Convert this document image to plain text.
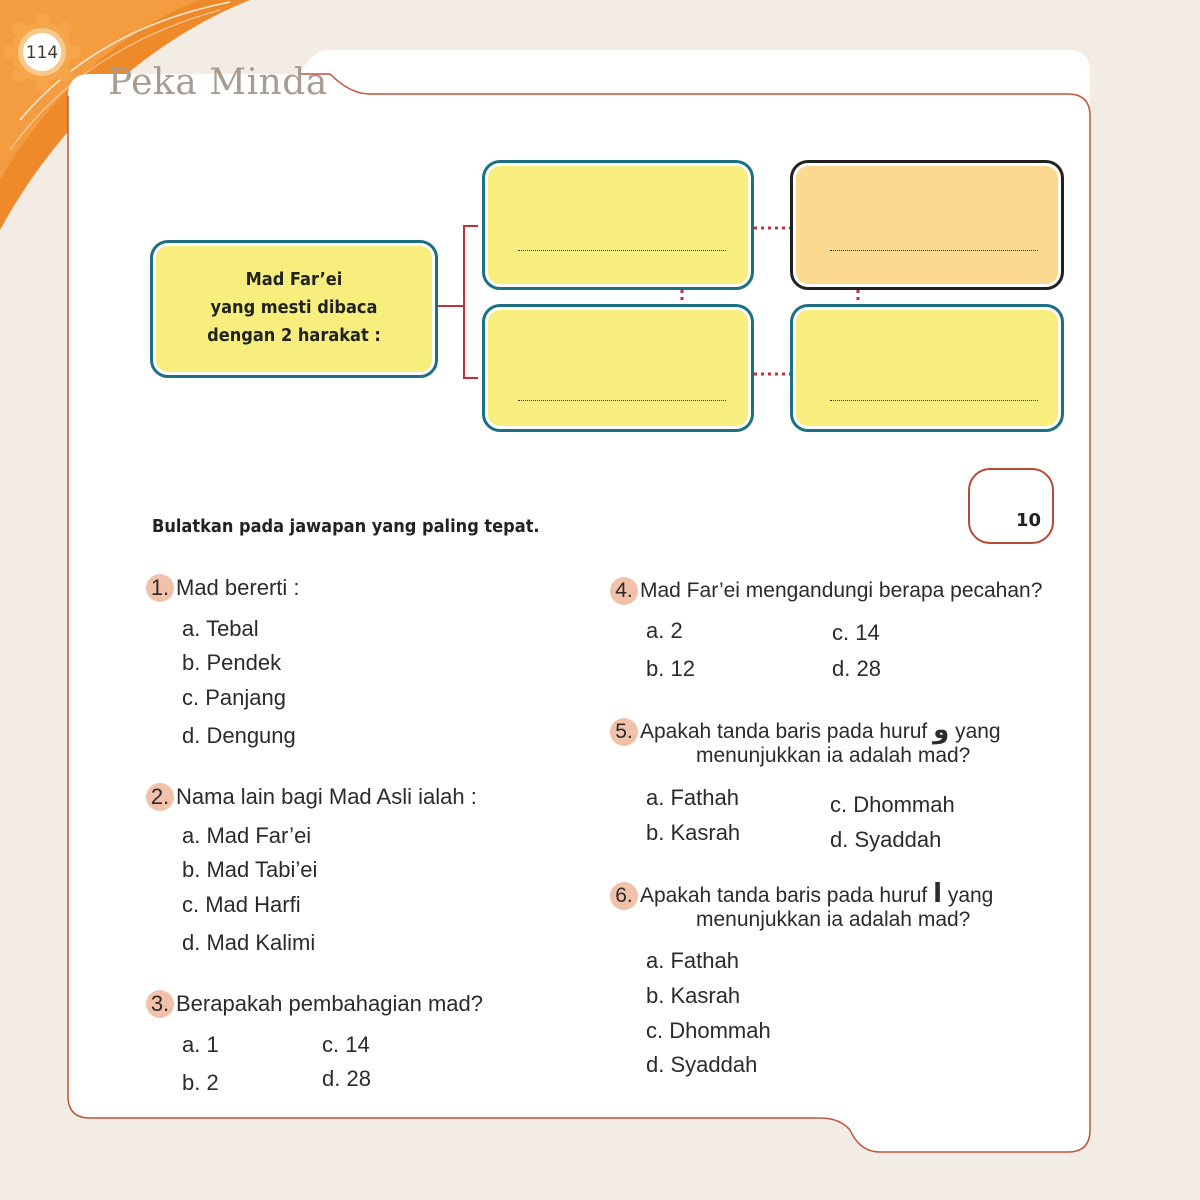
114
Peka Minda
Mad Far’ei
yang mesti dibaca
dengan 2 harakat :
Bulatkan pada jawapan yang paling tepat.	10
1. Mad bererti :
a. Tebal
b. Pendek
c. Panjang
d. Dengung
2. Nama lain bagi Mad Asli ialah :
a. Mad Far’ei
b. Mad Tabi’ei
c. Mad Harfi
d. Mad Kalimi
3. Berapakah pembahagian mad?
a. 1	c. 14
b. 2	d. 28
4. Mad Far’ei mengandungi berapa pecahan?
a. 2	c. 14
b. 12	d. 28
5. Apakah tanda baris pada huruf و yang
menunjukkan ia adalah mad?
a. Fathah	c. Dhommah
b. Kasrah	d. Syaddah
6. Apakah tanda baris pada huruf ا yang
menunjukkan ia adalah mad?
a. Fathah
b. Kasrah
c. Dhommah
d. Syaddah
